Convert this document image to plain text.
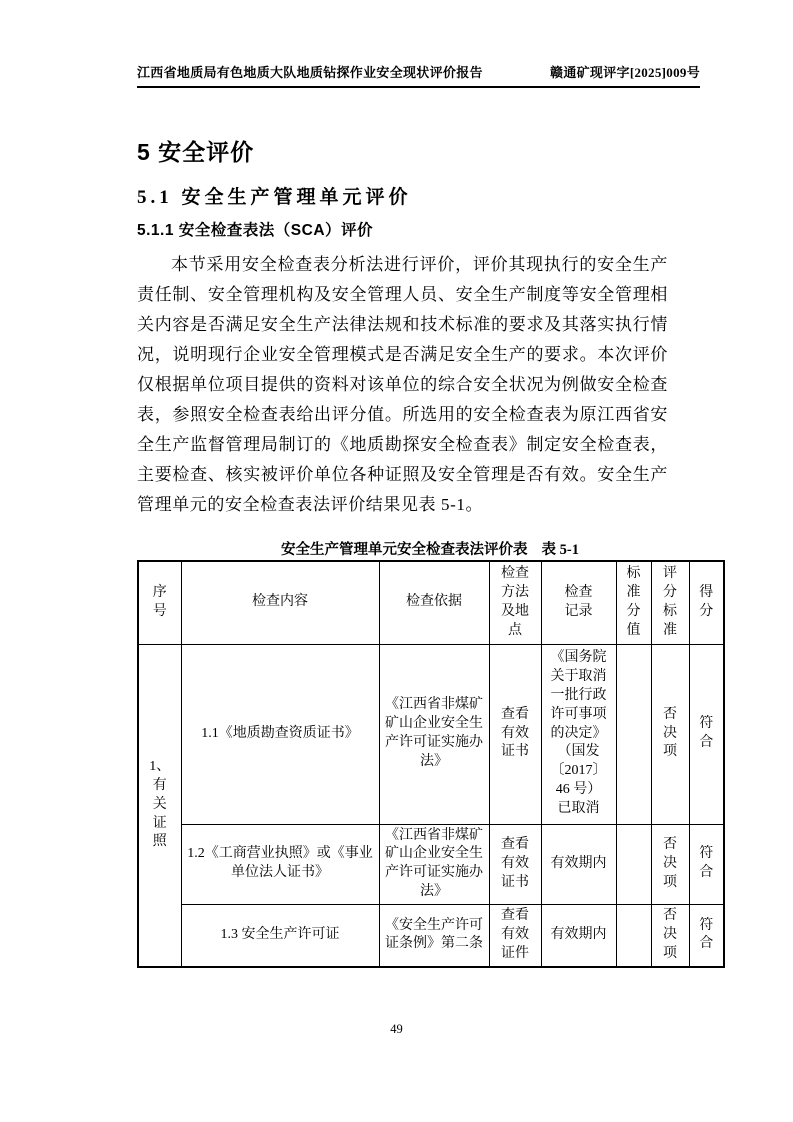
江西省地质局有色地质大队地质钻探作业安全现状评价报告	赣通矿现评字[2025]009号
5 安全评价
5.1 安全生产管理单元评价
5.1.1 安全检查表法（SCA）评价
本节采用安全检查表分析法进行评价，评价其现执行的安全生产责任制、安全管理机构及安全管理人员、安全生产制度等安全管理相关内容是否满足安全生产法律法规和技术标准的要求及其落实执行情况，说明现行企业安全管理模式是否满足安全生产的要求。本次评价仅根据单位项目提供的资料对该单位的综合安全状况为例做安全检查表，参照安全检查表给出评分值。所选用的安全检查表为原江西省安全生产监督管理局制订的《地质勘探安全检查表》制定安全检查表，主要检查、核实被评价单位各种证照及安全管理是否有效。安全生产管理单元的安全检查表法评价结果见表 5-1。
安全生产管理单元安全检查表法评价表 表 5-1
序号	检查内容	检查依据	检查方法及地点	检查记录	标准分值	评分标准	得分
1、有关证照	1.1《地质勘查资质证书》	《江西省非煤矿矿山企业安全生产许可证实施办法》	查看有效证书	《国务院关于取消一批行政许可事项的决定》（国发〔2017〕46 号）已取消		否决项	符合
	1.2《工商营业执照》或《事业单位法人证书》	《江西省非煤矿矿山企业安全生产许可证实施办法》	查看有效证书	有效期内		否决项	符合
	1.3 安全生产许可证	《安全生产许可证条例》第二条	查看有效证件	有效期内		否决项	符合
49
